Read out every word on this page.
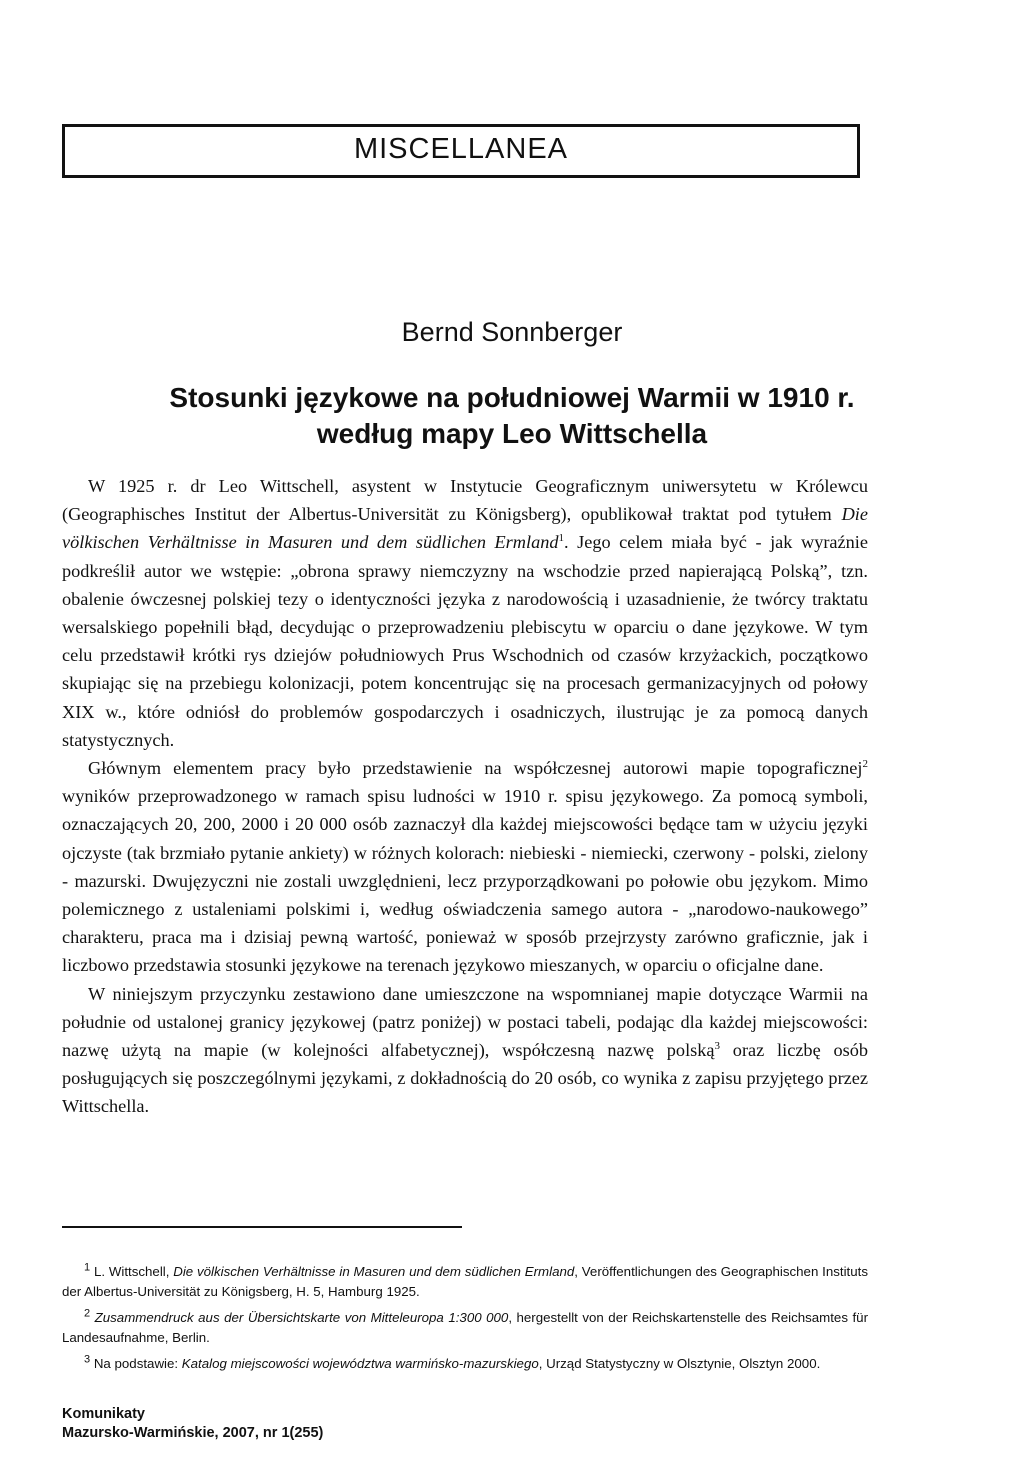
MISCELLANEA
Bernd Sonnberger
Stosunki językowe na południowej Warmii w 1910 r.
według mapy Leo Wittschella

W 1925 r. dr Leo Wittschell, asystent w Instytucie Geograficznym uniwersytetu w Królewcu (Geographisches Institut der Albertus-Universität zu Königsberg), opublikował traktat pod tytułem Die völkischen Verhältnisse in Masuren und dem südlichen Ermland$^1$. Jego celem miała być - jak wyraźnie podkreślił autor we wstępie: „obrona sprawy niemczyzny na wschodzie przed napierającą Polską”, tzn. obalenie ówczesnej polskiej tezy o identyczności języka z narodowością i uzasadnienie, że twórcy traktatu wersalskiego popełnili błąd, decydując o przeprowadzeniu plebiscytu w oparciu o dane językowe. W tym celu przedstawił krótki rys dziejów południowych Prus Wschodnich od czasów krzyżackich, początkowo skupiając się na przebiegu kolonizacji, potem koncentrując się na procesach germanizacyjnych od połowy XIX w., które odniósł do problemów gospodarczych i osadniczych, ilustrując je za pomocą danych statystycznych.

Głównym elementem pracy było przedstawienie na współczesnej autorowi mapie topograficznej$^2$ wyników przeprowadzonego w ramach spisu ludności w 1910 r. spisu językowego. Za pomocą symboli, oznaczających 20, 200, 2000 i 20 000 osób zaznaczył dla każdej miejscowości będące tam w użyciu języki ojczyste (tak brzmiało pytanie ankiety) w różnych kolorach: niebieski - niemiecki, czerwony - polski, zielony - mazurski. Dwujęzyczni nie zostali uwzględnieni, lecz przyporządkowani po połowie obu językom. Mimo polemicznego z ustaleniami polskimi i, według oświadczenia samego autora - „narodowo-naukowego” charakteru, praca ma i dzisiaj pewną wartość, ponieważ w sposób przejrzysty zarówno graficznie, jak i liczbowo przedstawia stosunki językowe na terenach językowo mieszanych, w oparciu o oficjalne dane.

W niniejszym przyczynku zestawiono dane umieszczone na wspomnianej mapie dotyczące Warmii na południe od ustalonej granicy językowej (patrz poniżej) w postaci tabeli, podając dla każdej miejscowości: nazwę użytą na mapie (w kolejności alfabetycznej), współczesną nazwę polską$^3$ oraz liczbę osób posługujących się poszczególnymi językami, z dokładnością do 20 osób, co wynika z zapisu przyjętego przez Wittschella.

$^1$ L. Wittschell, Die völkischen Verhältnisse in Masuren und dem südlichen Ermland, Veröffentlichungen des Geographischen Instituts der Albertus-Universität zu Königsberg, H. 5, Hamburg 1925.

$^2$ Zusammendruck aus der Übersichtskarte von Mitteleuropa 1:300 000, hergestellt von der Reichskartenstelle des Reichsamtes für Landesaufnahme, Berlin.

$^3$ Na podstawie: Katalog miejscowości województwa warmińsko-mazurskiego, Urząd Statystyczny w Olsztynie, Olsztyn 2000.

Komunikaty
Mazursko-Warmińskie, 2007, nr 1(255)
